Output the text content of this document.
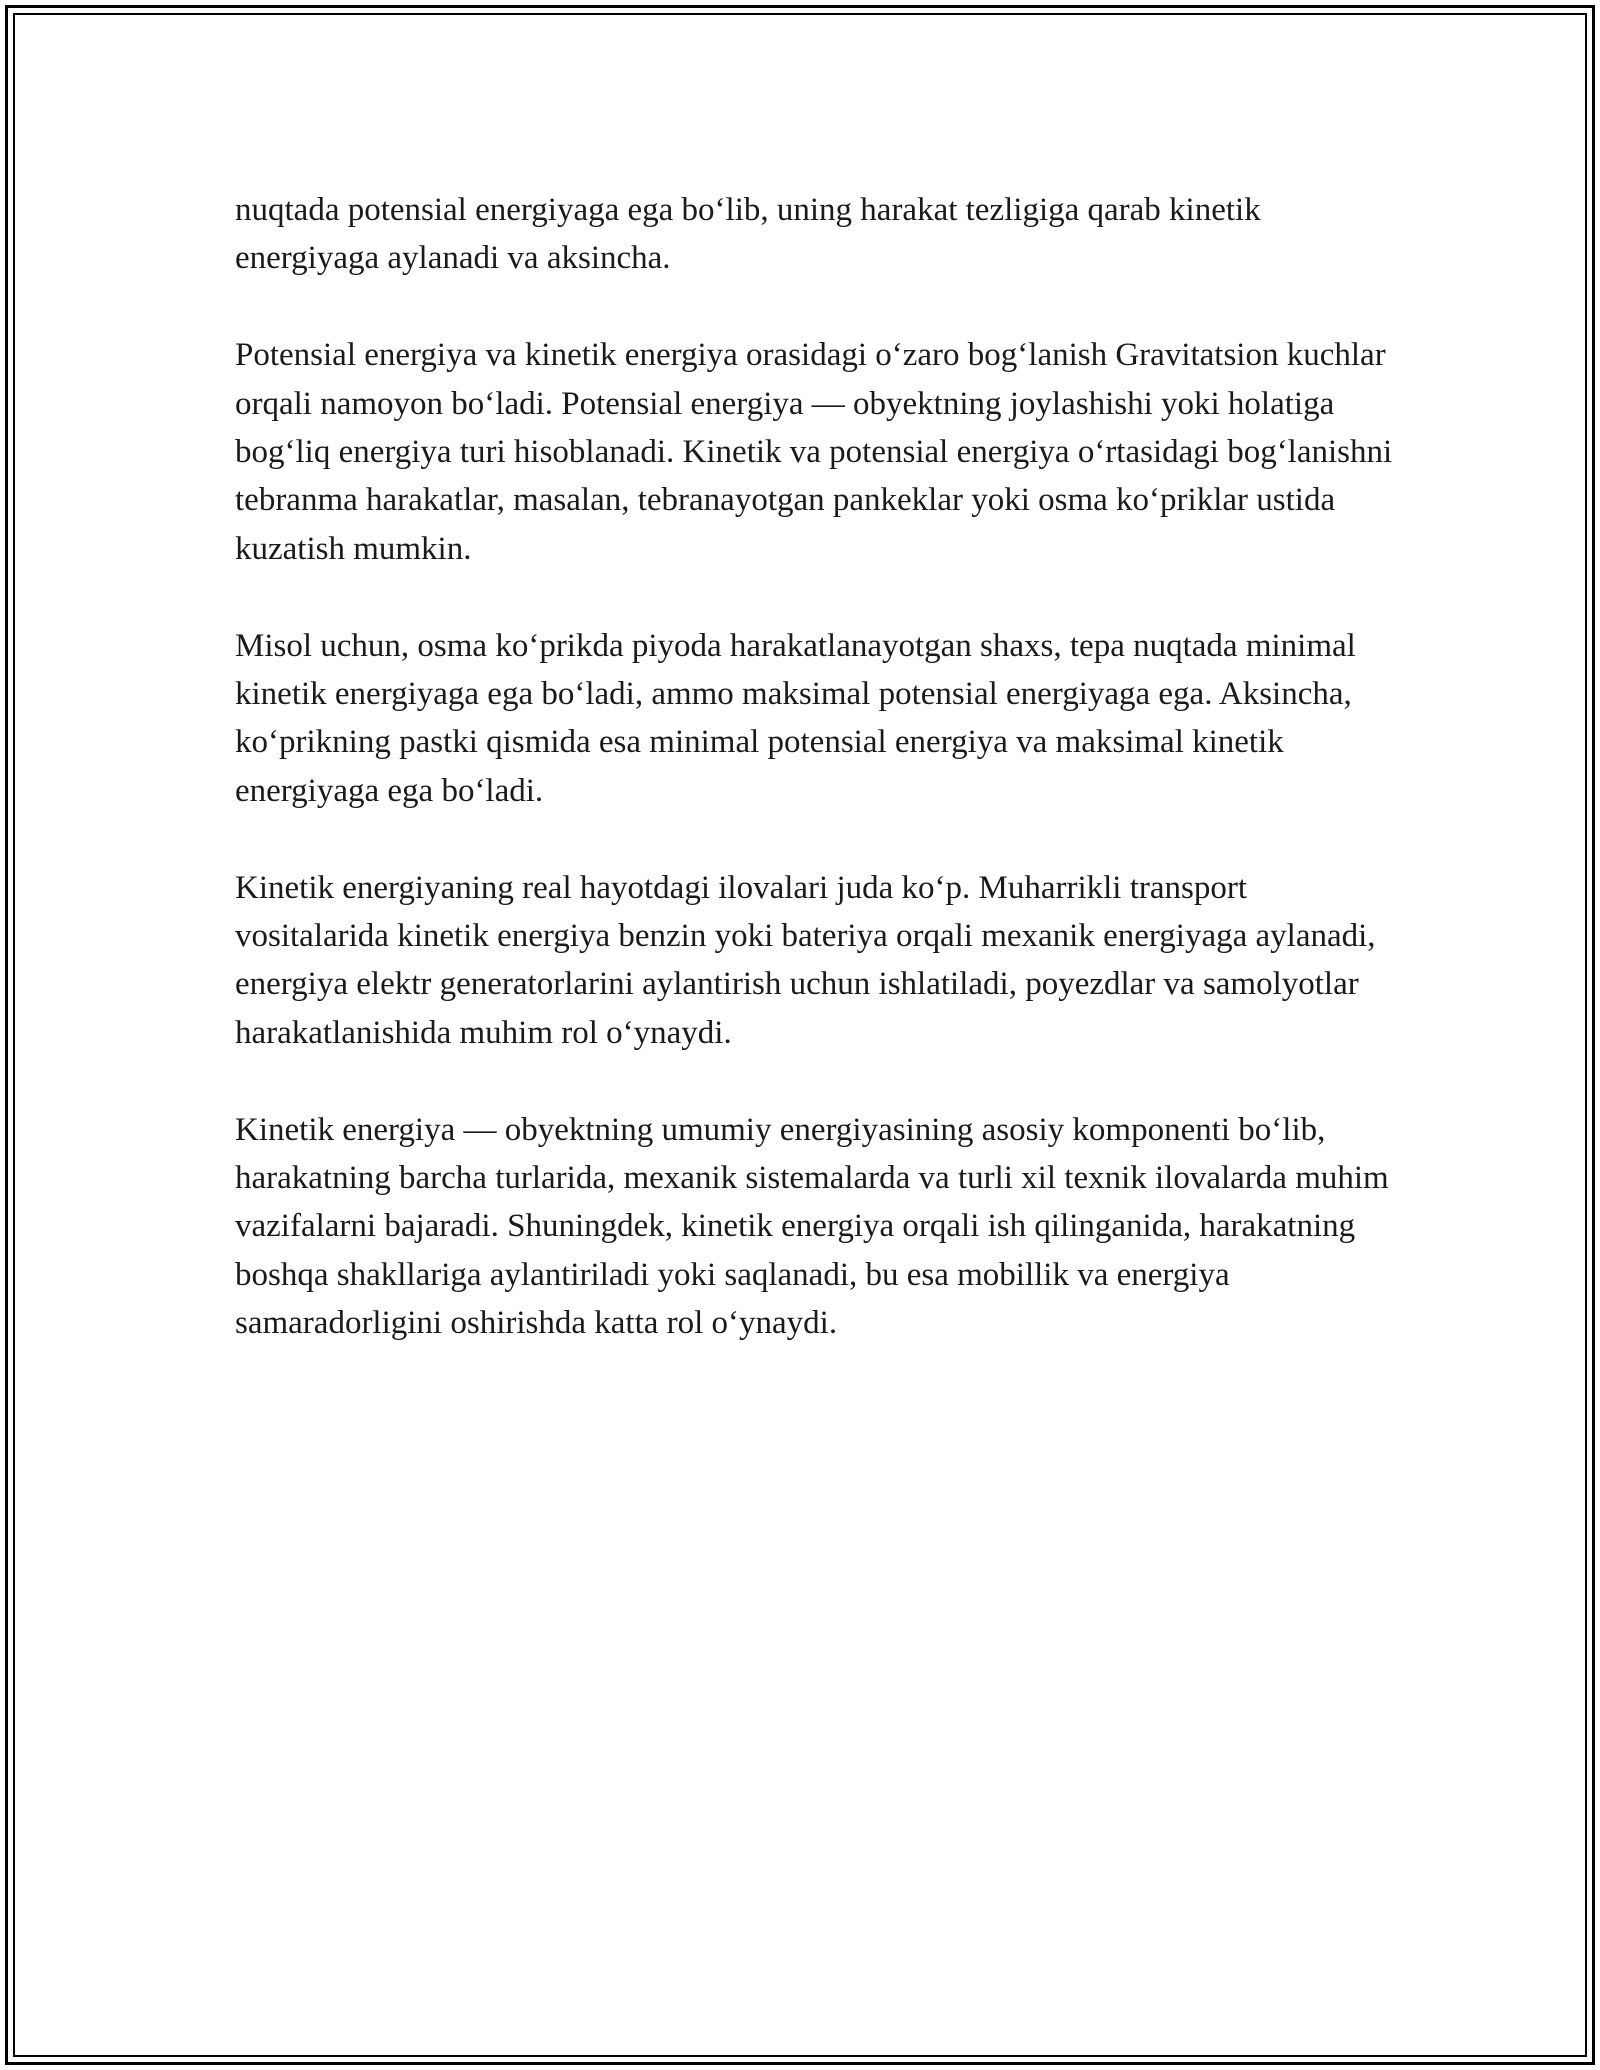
nuqtada potensial energiyaga ega bo‘lib, uning harakat tezligiga qarab kinetik energiyaga aylanadi va aksincha.

Potensial energiya va kinetik energiya orasidagi o‘zaro bog‘lanish Gravitatsion kuchlar orqali namoyon bo‘ladi. Potensial energiya — obyektning joylashishi yoki holatiga bog‘liq energiya turi hisoblanadi. Kinetik va potensial energiya o‘rtasidagi bog‘lanishni tebranma harakatlar, masalan, tebranayotgan pankeklar yoki osma ko‘priklar ustida kuzatish mumkin.

Misol uchun, osma ko‘prikda piyoda harakatlanayotgan shaxs, tepa nuqtada minimal kinetik energiyaga ega bo‘ladi, ammo maksimal potensial energiyaga ega. Aksincha, ko‘prikning pastki qismida esa minimal potensial energiya va maksimal kinetik energiyaga ega bo‘ladi.

Kinetik energiyaning real hayotdagi ilovalari juda ko‘p. Muharrikli transport vositalarida kinetik energiya benzin yoki bateriya orqali mexanik energiyaga aylanadi, energiya elektr generatorlarini aylantirish uchun ishlatiladi, poyezdlar va samolyotlar harakatlanishida muhim rol o‘ynaydi.

Kinetik energiya — obyektning umumiy energiyasining asosiy komponenti bo‘lib, harakatning barcha turlarida, mexanik sistemalarda va turli xil texnik ilovalarda muhim vazifalarni bajaradi. Shuningdek, kinetik energiya orqali ish qilinganida, harakatning boshqa shakllariga aylantiriladi yoki saqlanadi, bu esa mobillik va energiya samaradorligini oshirishda katta rol o‘ynaydi.
